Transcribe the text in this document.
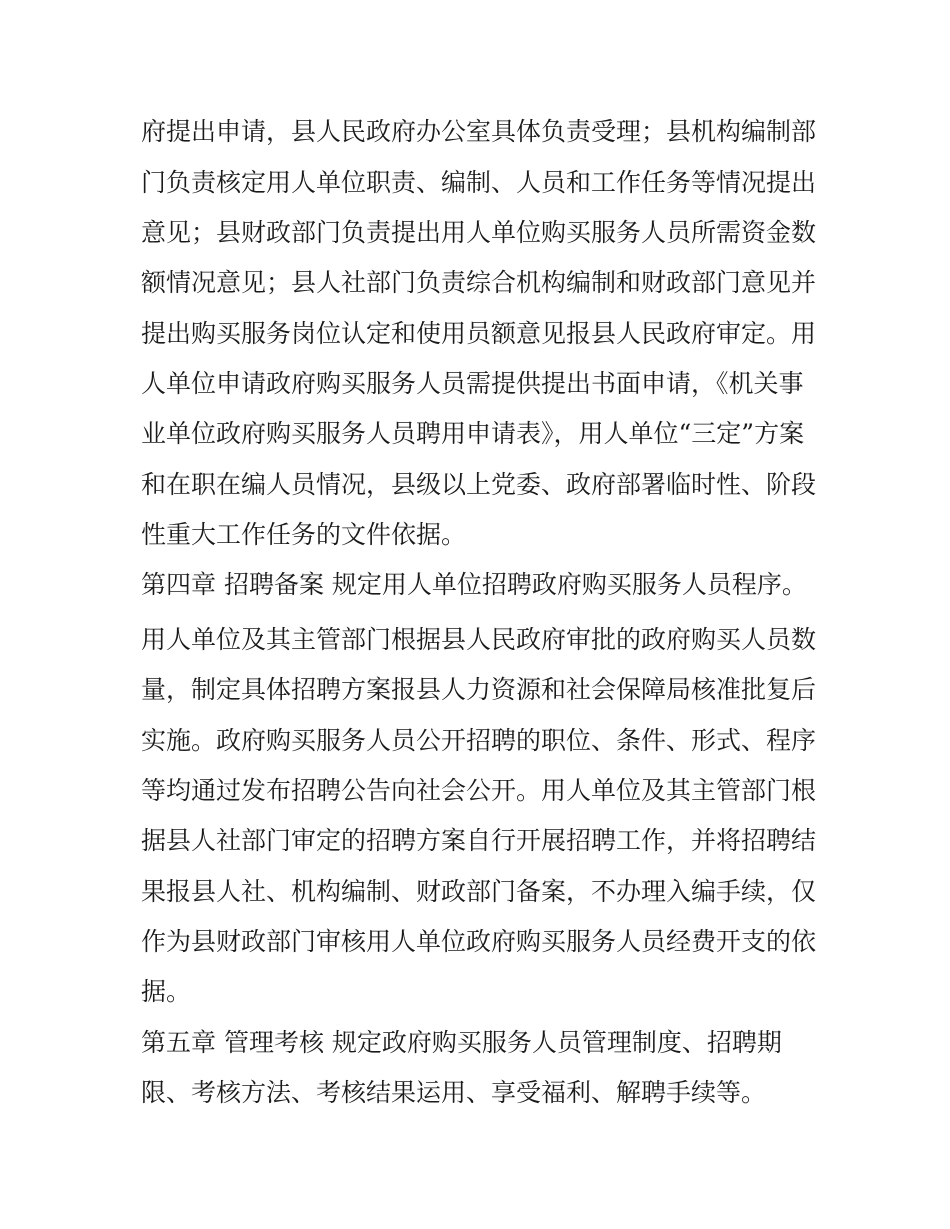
府提出申请，县人民政府办公室具体负责受理；县机构编制部
门负责核定用人单位职责、编制、人员和工作任务等情况提出
意见；县财政部门负责提出用人单位购买服务人员所需资金数
额情况意见；县人社部门负责综合机构编制和财政部门意见并
提出购买服务岗位认定和使用员额意见报县人民政府审定。用
人单位申请政府购买服务人员需提供提出书面申请，《机关事
业单位政府购买服务人员聘用申请表》，用人单位“三定”方案
和在职在编人员情况，县级以上党委、政府部署临时性、阶段
性重大工作任务的文件依据。
第四章 招聘备案 规定用人单位招聘政府购买服务人员程序。
用人单位及其主管部门根据县人民政府审批的政府购买人员数
量，制定具体招聘方案报县人力资源和社会保障局核准批复后
实施。政府购买服务人员公开招聘的职位、条件、形式、程序
等均通过发布招聘公告向社会公开。用人单位及其主管部门根
据县人社部门审定的招聘方案自行开展招聘工作，并将招聘结
果报县人社、机构编制、财政部门备案，不办理入编手续，仅
作为县财政部门审核用人单位政府购买服务人员经费开支的依
据。
第五章 管理考核 规定政府购买服务人员管理制度、招聘期
限、考核方法、考核结果运用、享受福利、解聘手续等。
